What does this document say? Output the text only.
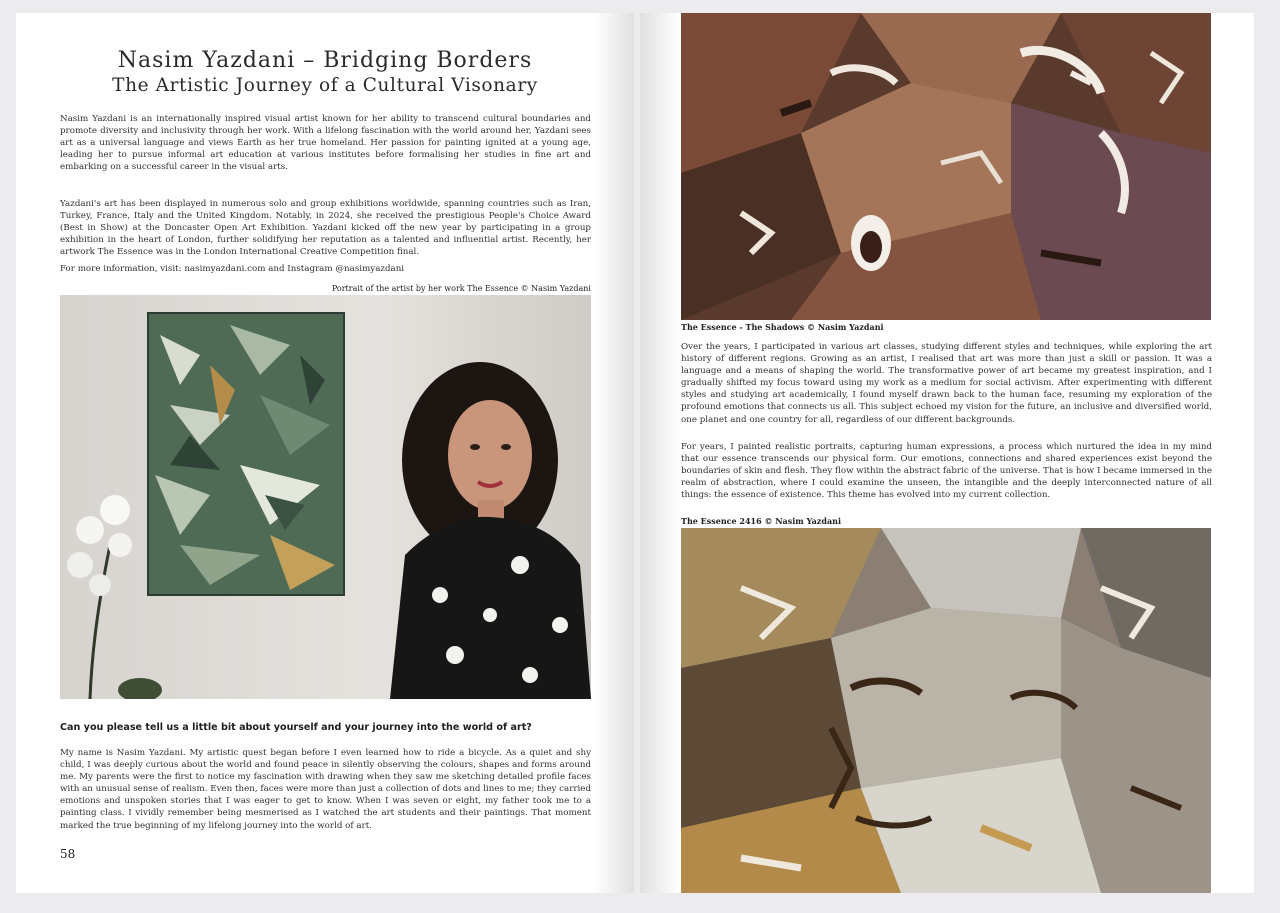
Nasim Yazdani – Bridging Borders
The Artistic Journey of a Cultural Visonary

Nasim Yazdani is an internationally inspired visual artist known for her ability to transcend cultural boundaries and promote diversity and inclusivity through her work. With a lifelong fascination with the world around her, Yazdani sees art as a universal language and views Earth as her true homeland. Her passion for painting ignited at a young age, leading her to pursue informal art education at various institutes before formalising her studies in fine art and embarking on a successful career in the visual arts.

Yazdani's art has been displayed in numerous solo and group exhibitions worldwide, spanning countries such as Iran, Turkey, France, Italy and the United Kingdom. Notably, in 2024, she received the prestigious People's Choice Award (Best in Show) at the Doncaster Open Art Exhibition. Yazdani kicked off the new year by participating in a group exhibition in the heart of London, further solidifying her reputation as a talented and influential artist. Recently, her artwork The Essence was in the London International Creative Competition final.

For more information, visit: nasimyazdani.com and Instagram @nasimyazdani

Portrait of the artist by her work The Essence © Nasim Yazdani

Can you please tell us a little bit about yourself and your journey into the world of art?

My name is Nasim Yazdani. My artistic quest began before I even learned how to ride a bicycle. As a quiet and shy child, I was deeply curious about the world and found peace in silently observing the colours, shapes and forms around me. My parents were the first to notice my fascination with drawing when they saw me sketching detailed profile faces with an unusual sense of realism. Even then, faces were more than just a collection of dots and lines to me; they carried emotions and unspoken stories that I was eager to get to know. When I was seven or eight, my father took me to a painting class. I vividly remember being mesmerised as I watched the art students and their paintings. That moment marked the true beginning of my lifelong journey into the world of art.

58

The Essence - The Shadows © Nasim Yazdani

Over the years, I participated in various art classes, studying different styles and techniques, while exploring the art history of different regions. Growing as an artist, I realised that art was more than just a skill or passion. It was a language and a means of shaping the world. The transformative power of art became my greatest inspiration, and I gradually shifted my focus toward using my work as a medium for social activism. After experimenting with different styles and studying art academically, I found myself drawn back to the human face, resuming my exploration of the profound emotions that connects us all. This subject echoed my vision for the future, an inclusive and diversified world, one planet and one country for all, regardless of our different backgrounds.

For years, I painted realistic portraits, capturing human expressions, a process which nurtured the idea in my mind that our essence transcends our physical form. Our emotions, connections and shared experiences exist beyond the boundaries of skin and flesh. They flow within the abstract fabric of the universe. That is how I became immersed in the realm of abstraction, where I could examine the unseen, the intangible and the deeply interconnected nature of all things: the essence of existence. This theme has evolved into my current collection.

The Essence 2416 © Nasim Yazdani
